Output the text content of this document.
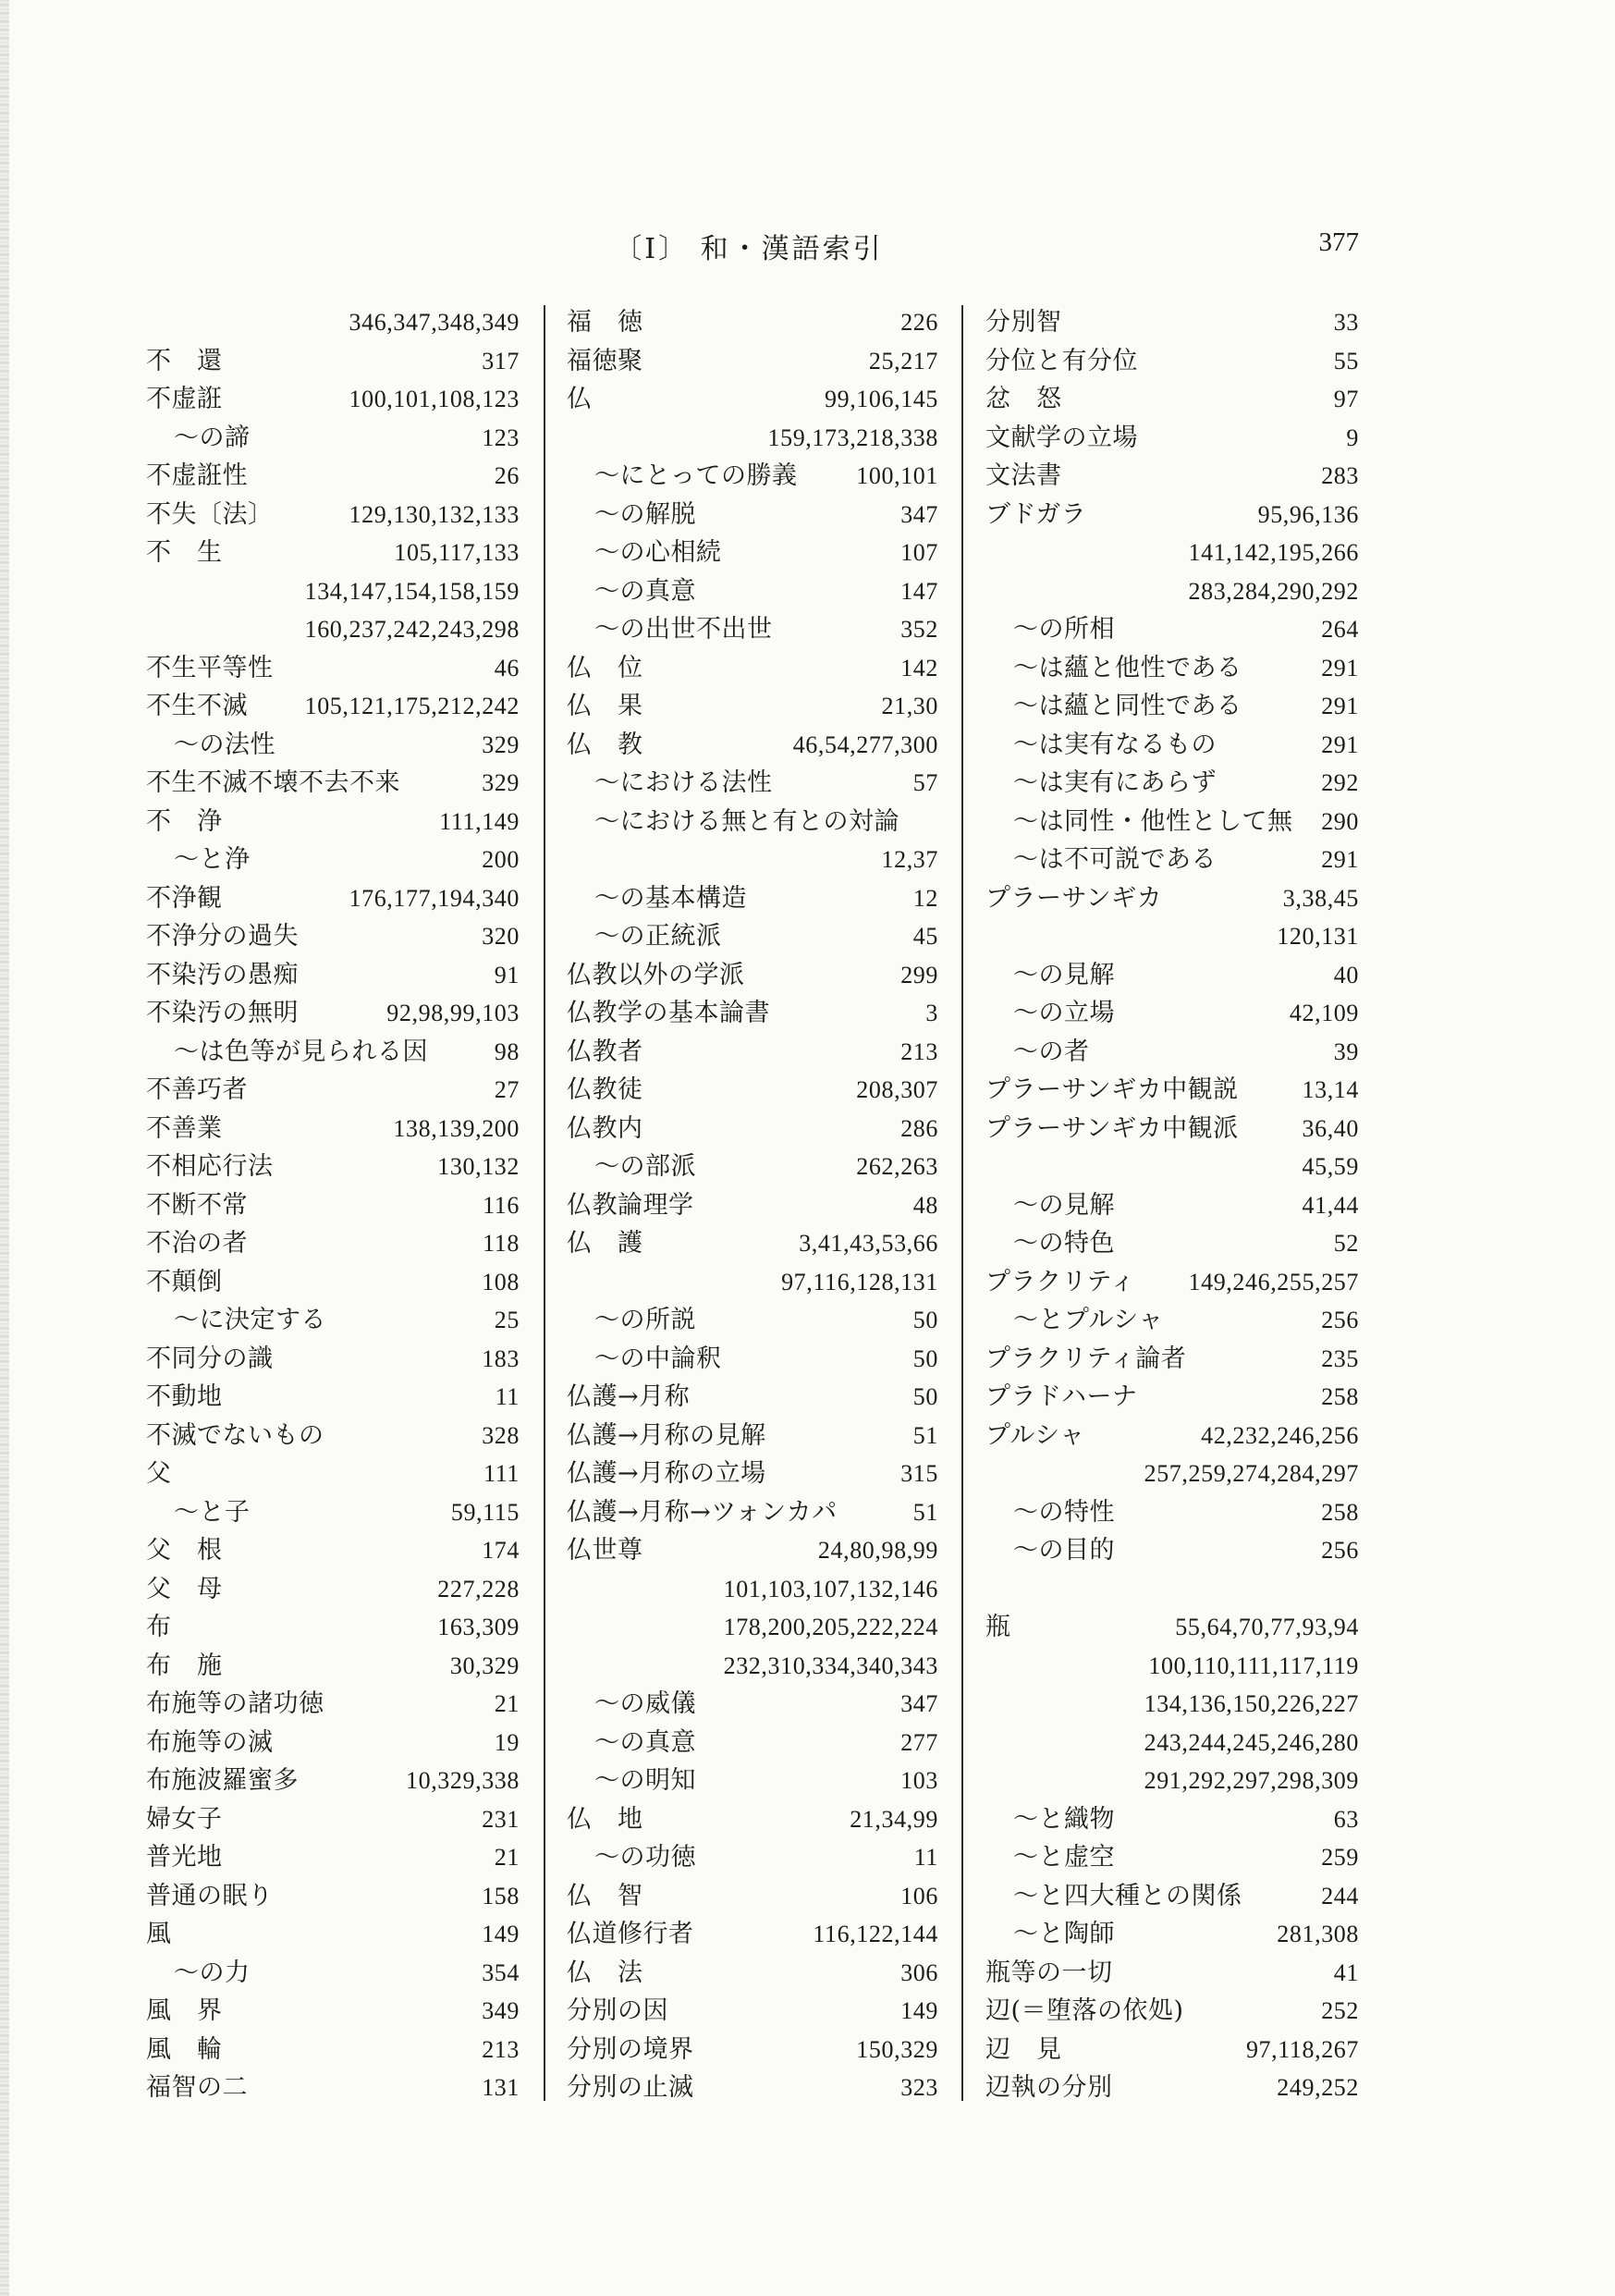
〔I〕 和・漢語索引	377
346,347,348,349
不　還	317
不虚誑	100,101,108,123
～の諦	123
不虚誑性	26
不失〔法〕	129,130,132,133
不　生	105,117,133
134,147,154,158,159
160,237,242,243,298
不生平等性	46
不生不滅 105,121,175,212,242
～の法性	329
不生不滅不壊不去不来	329
不　浄	111,149
～と浄	200
不浄観	176,177,194,340
不浄分の過失	320
不染汚の愚痴	91
不染汚の無明	92,98,99,103
～は色等が見られる因	98
不善巧者	27
不善業	138,139,200
不相応行法	130,132
不断不常	116
不治の者	118
不顛倒	108
～に決定する	25
不同分の識	183
不動地	11
不滅でないもの	328
父	111
～と子	59,115
父　根	174
父　母	227,228
布	163,309
布　施	30,329
布施等の諸功徳	21
布施等の滅	19
布施波羅蜜多	10,329,338
婦女子	231
普光地	21
普通の眠り	158
風	149
～の力	354
風　界	349
風　輪	213
福智の二	131
福　徳	226
福徳聚	25,217
仏	99,106,145
159,173,218,338
～にとっての勝義 100,101
～の解脱	347
～の心相続	107
～の真意	147
～の出世不出世	352
仏　位	142
仏　果	21,30
仏　教	46,54,277,300
～における法性	57
～における無と有との対論
12,37
～の基本構造	12
～の正統派	45
仏教以外の学派	299
仏教学の基本論書	3
仏教者	213
仏教徒	208,307
仏教内	286
～の部派	262,263
仏教論理学	48
仏　護	3,41,43,53,66
97,116,128,131
～の所説	50
～の中論釈	50
仏護→月称	50
仏護→月称の見解	51
仏護→月称の立場	315
仏護→月称→ツォンカパ	51
仏世尊	24,80,98,99
101,103,107,132,146
178,200,205,222,224
232,310,334,340,343
～の威儀	347
～の真意	277
～の明知	103
仏　地	21,34,99
～の功徳	11
仏　智	106
仏道修行者	116,122,144
仏　法	306
分別の因	149
分別の境界	150,329
分別の止滅	323
分別智	33
分位と有分位	55
忿　怒	97
文献学の立場	9
文法書	283
ブドガラ	95,96,136
141,142,195,266
283,284,290,292
～の所相	264
～は蘊と他性である	291
～は蘊と同性である	291
～は実有なるもの	291
～は実有にあらず	292
～は同性・他性として無 290
～は不可説である	291
プラーサンギカ	3,38,45
120,131
～の見解	40
～の立場	42,109
～の者	39
プラーサンギカ中観説	13,14
プラーサンギカ中観派	36,40
45,59
～の見解	41,44
～の特色	52
プラクリティ 149,246,255,257
～とプルシャ	256
プラクリティ論者	235
プラドハーナ	258
プルシャ	42,232,246,256
257,259,274,284,297
～の特性	258
～の目的	256
瓶	55,64,70,77,93,94
100,110,111,117,119
134,136,150,226,227
243,244,245,246,280
291,292,297,298,309
～と織物	63
～と虚空	259
～と四大種との関係	244
～と陶師	281,308
瓶等の一切	41
辺(＝堕落の依処)	252
辺　見	97,118,267
辺執の分別	249,252
